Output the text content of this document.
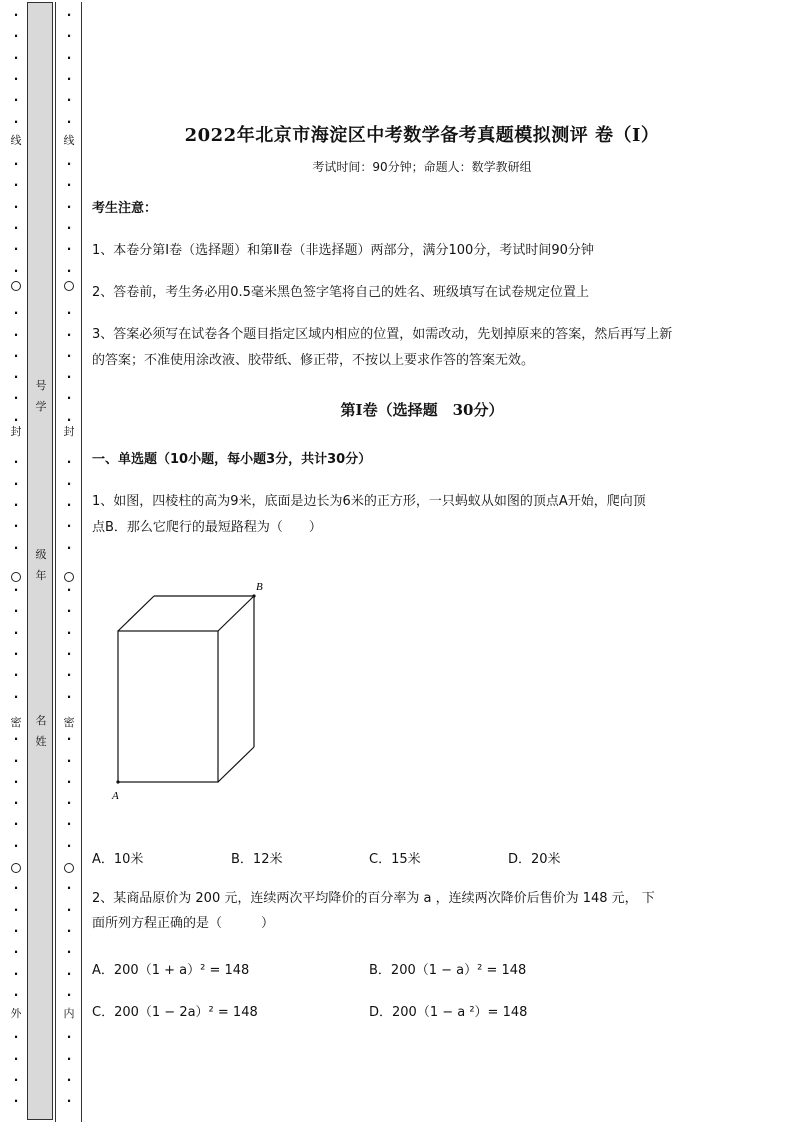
号
学
级
年
名
姓
·
·
·
·
·
·
·
·
·
·
·
·
·
·
·
·
·
·
·
·
·
·
·
·
·
·
·
·
·
·
·
·
·
·
·
·
·
·
·
·
·
·
·
·
·
线
封
密
外
·
·
·
·
·
·
·
·
·
·
·
·
·
·
·
·
·
·
·
·
·
·
·
·
·
·
·
·
·
·
·
·
·
·
·
·
·
·
·
·
·
·
·
·
·
线
封
密
内
2022年北京市海淀区中考数学备考真题模拟测评 卷（Ⅰ）
考试时间：90分钟；命题人：数学教研组
考生注意：
1、本卷分第Ⅰ卷（选择题）和第Ⅱ卷（非选择题）两部分，满分100分，考试时间90分钟
2、答卷前，考生务必用0.5毫米黑色签字笔将自己的姓名、班级填写在试卷规定位置上
3、答案必须写在试卷各个题目指定区域内相应的位置，如需改动，先划掉原来的答案，然后再写上新
的答案；不准使用涂改液、胶带纸、修正带，不按以上要求作答的答案无效。
第Ⅰ卷（选择题　30分）
一、单选题（10小题，每小题3分，共计30分）
1、如图，四棱柱的高为9米，底面是边长为6米的正方形，一只蚂蚁从如图的顶点A开始，爬向顶
点B．那么它爬行的最短路程为（　　）
A．10米	B．12米	C．15米	D．20米
2、某商品原价为 200 元，连续两次平均降价的百分率为 a ，连续两次降价后售价为 148 元， 下
面所列方程正确的是（　　　）
A．200（1 + a）² = 148	B．200（1 − a）² = 148
C．200（1 − 2a）² = 148	D．200（1 − a ²）= 148
A
B
